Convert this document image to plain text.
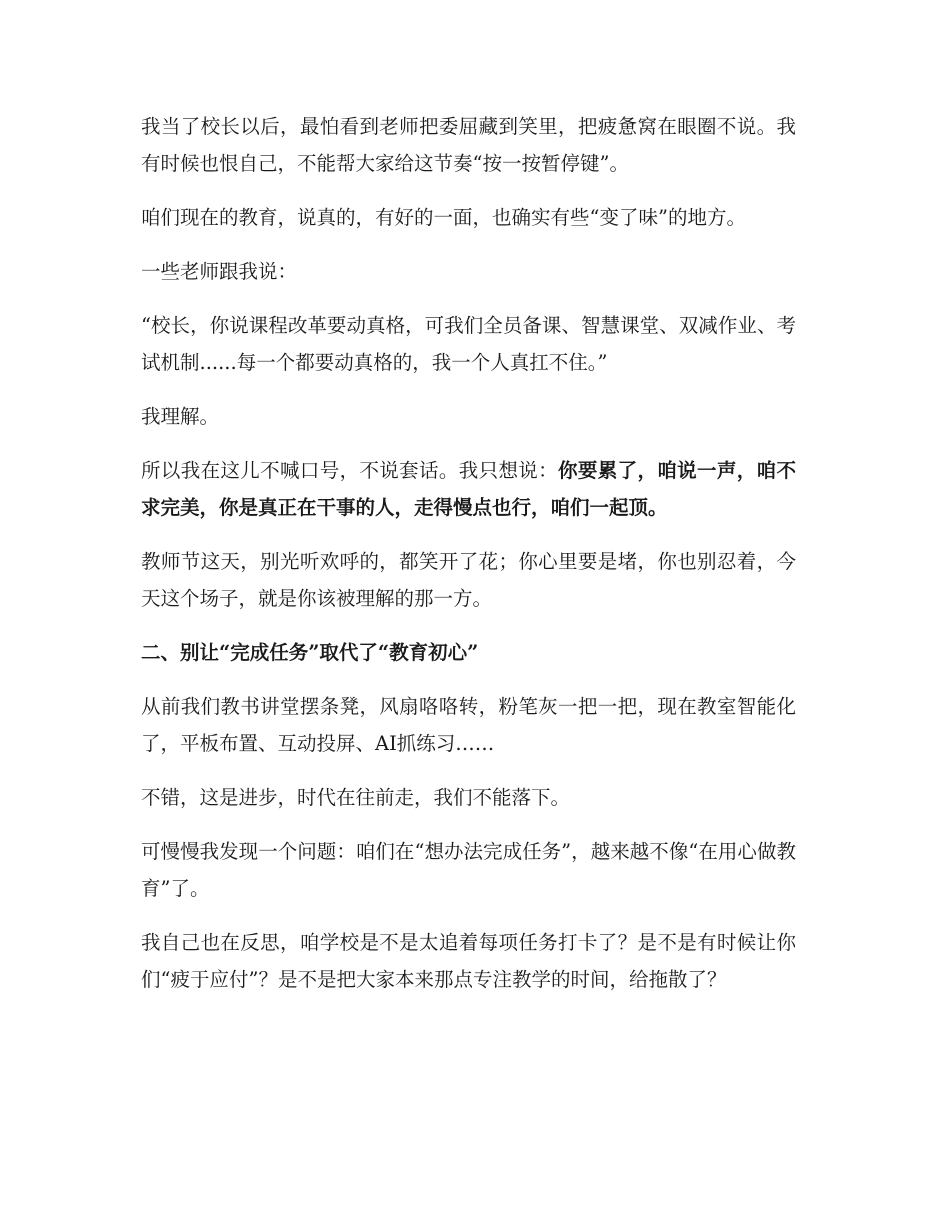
我当了校长以后，最怕看到老师把委屈藏到笑里，把疲惫窝在眼圈不说。我有时候也恨自己，不能帮大家给这节奏“按一按暂停键”。

咱们现在的教育，说真的，有好的一面，也确实有些“变了味”的地方。

一些老师跟我说：

“校长，你说课程改革要动真格，可我们全员备课、智慧课堂、双减作业、考试机制......每一个都要动真格的，我一个人真扛不住。”

我理解。

所以我在这儿不喊口号，不说套话。我只想说：你要累了，咱说一声，咱不求完美，你是真正在干事的人，走得慢点也行，咱们一起顶。

教师节这天，别光听欢呼的，都笑开了花；你心里要是堵，你也别忍着，今天这个场子，就是你该被理解的那一方。

二、别让“完成任务”取代了“教育初心”

从前我们教书讲堂摆条凳，风扇咯咯转，粉笔灰一把一把，现在教室智能化了，平板布置、互动投屏、AI抓练习……

不错，这是进步，时代在往前走，我们不能落下。

可慢慢我发现一个问题：咱们在“想办法完成任务”，越来越不像“在用心做教育”了。

我自己也在反思，咱学校是不是太追着每项任务打卡了？是不是有时候让你们“疲于应付”？是不是把大家本来那点专注教学的时间，给拖散了？
